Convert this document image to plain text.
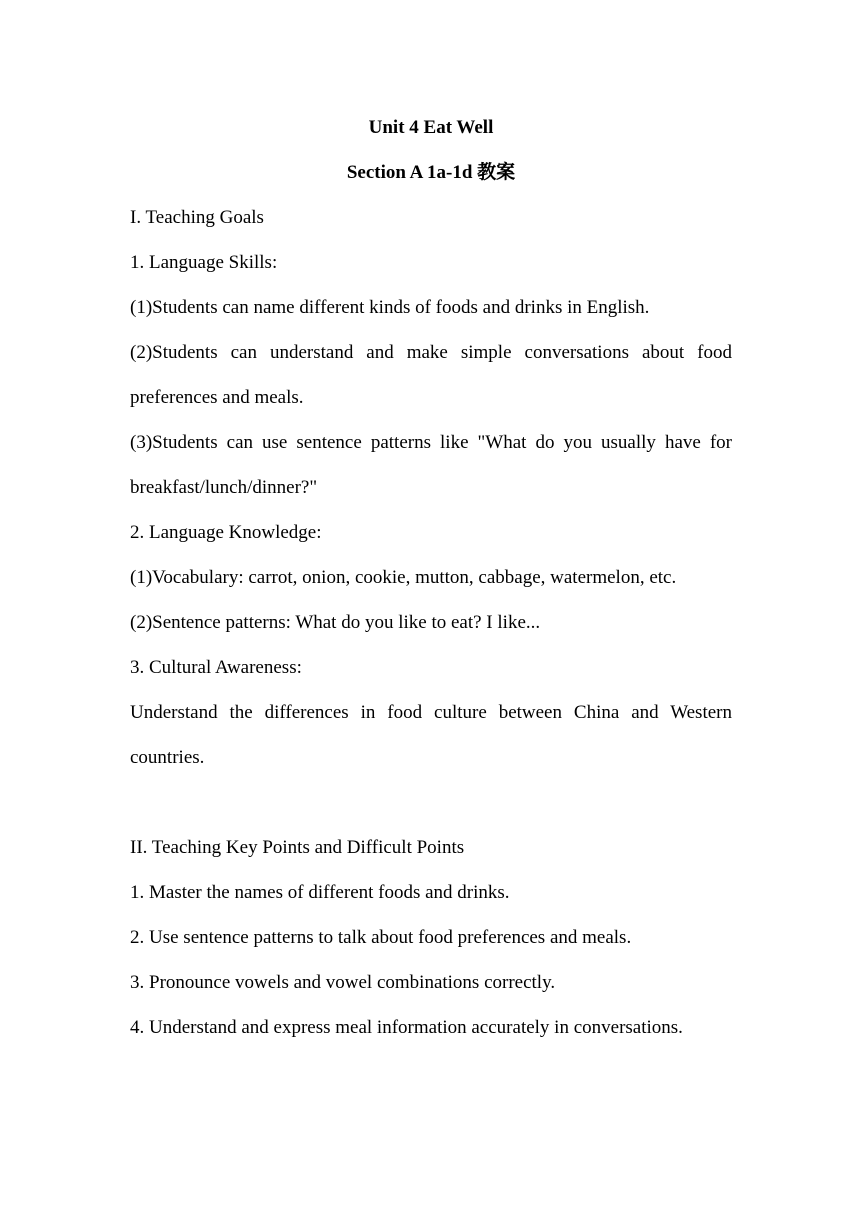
Unit 4 Eat Well
Section A 1a-1d 教案
I. Teaching Goals
1. Language Skills:
(1)Students can name different kinds of foods and drinks in English.
(2)Students can understand and make simple conversations about food
preferences and meals.
(3)Students can use sentence patterns like "What do you usually have for
breakfast/lunch/dinner?"
2. Language Knowledge:
(1)Vocabulary: carrot, onion, cookie, mutton, cabbage, watermelon, etc.
(2)Sentence patterns: What do you like to eat? I like...
3. Cultural Awareness:
Understand the differences in food culture between China and Western
countries.
II. Teaching Key Points and Difficult Points
1. Master the names of different foods and drinks.
2. Use sentence patterns to talk about food preferences and meals.
3. Pronounce vowels and vowel combinations correctly.
4. Understand and express meal information accurately in conversations.
